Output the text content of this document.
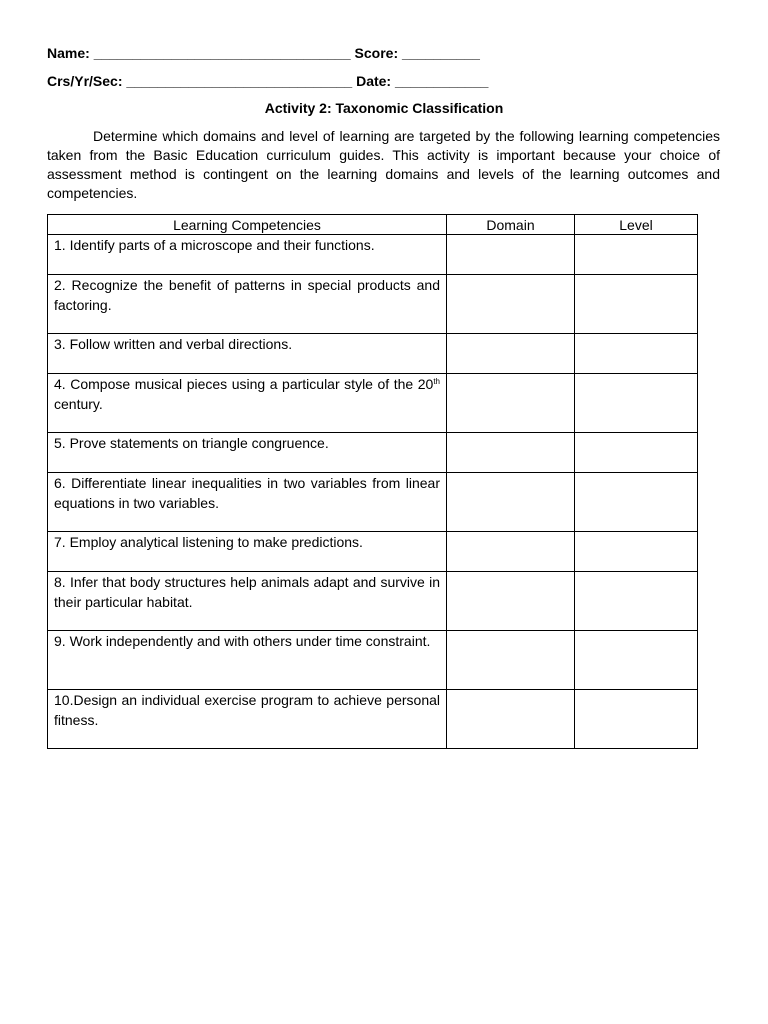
Name: _________________________________ Score: __________
Crs/Yr/Sec: _____________________________ Date: ____________
Activity 2: Taxonomic Classification
Determine which domains and level of learning are targeted by the following learning competencies taken from the Basic Education curriculum guides. This activity is important because your choice of assessment method is contingent on the learning domains and levels of the learning outcomes and competencies.
Learning Competencies	Domain	Level
1. Identify parts of a microscope and their functions.		
2. Recognize the benefit of patterns in special products and factoring.		
3. Follow written and verbal directions.		
4. Compose musical pieces using a particular style of the 20th century.		
5. Prove statements on triangle congruence.		
6. Differentiate linear inequalities in two variables from linear equations in two variables.		
7. Employ analytical listening to make predictions.		
8. Infer that body structures help animals adapt and survive in their particular habitat.		
9. Work independently and with others under time constraint.		
10.Design an individual exercise program to achieve personal fitness.		
